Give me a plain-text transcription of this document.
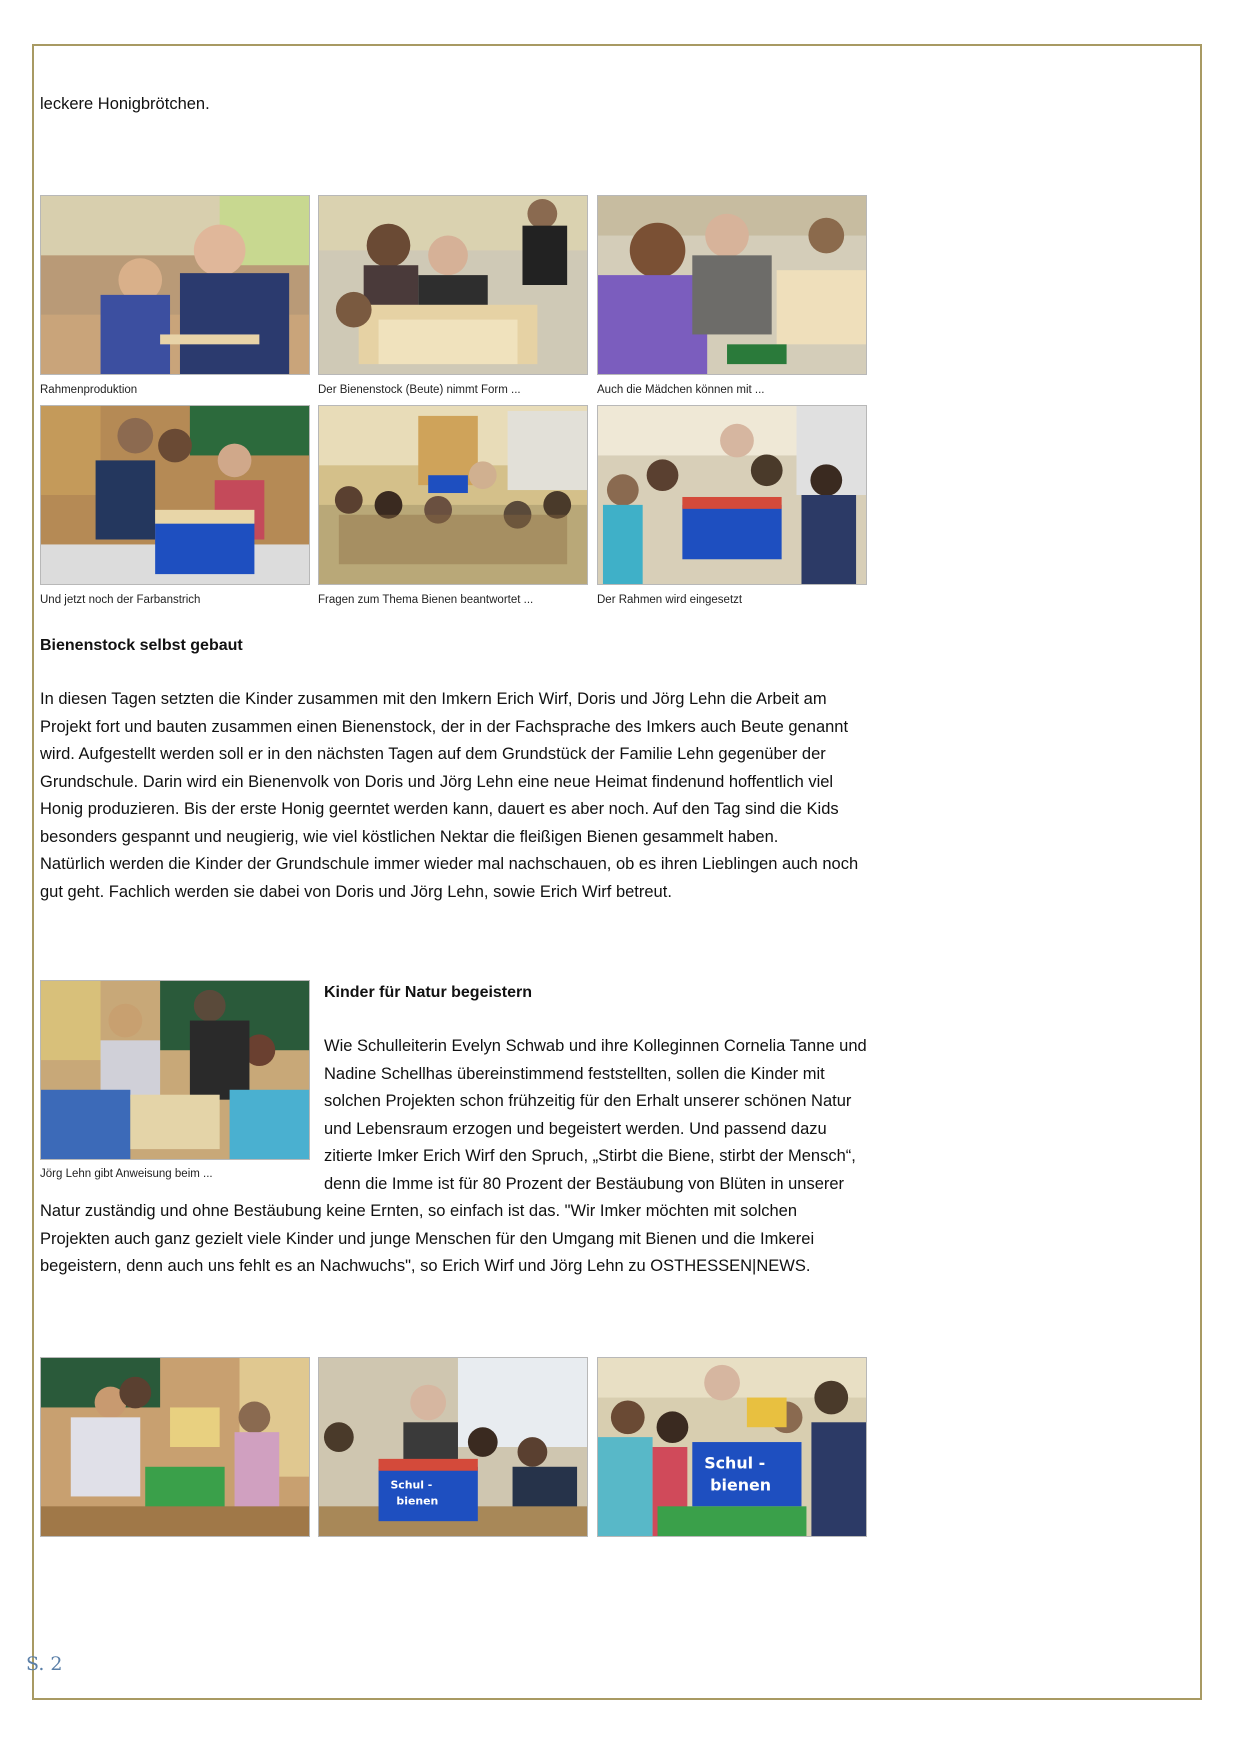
leckere Honigbrötchen.
Rahmenproduktion	Der Bienenstock (Beute) nimmt Form ...	Auch die Mädchen können mit ...
Und jetzt noch der Farbanstrich	Fragen zum Thema Bienen beantwortet ...	Der Rahmen wird eingesetzt
Bienenstock selbst gebaut
In diesen Tagen setzten die Kinder zusammen mit den Imkern Erich Wirf, Doris und Jörg Lehn die Arbeit am
Projekt fort und bauten zusammen einen Bienenstock, der in der Fachsprache des Imkers auch Beute genannt
wird. Aufgestellt werden soll er in den nächsten Tagen auf dem Grundstück der Familie Lehn gegenüber der
Grundschule. Darin wird ein Bienenvolk von Doris und Jörg Lehn eine neue Heimat findenund hoffentlich viel
Honig produzieren. Bis der erste Honig geerntet werden kann, dauert es aber noch. Auf den Tag sind die Kids
besonders gespannt und neugierig, wie viel köstlichen Nektar die fleißigen Bienen gesammelt haben.
Natürlich werden die Kinder der Grundschule immer wieder mal nachschauen, ob es ihren Lieblingen auch noch
gut geht. Fachlich werden sie dabei von Doris und Jörg Lehn, sowie Erich Wirf betreut.
Jörg Lehn gibt Anweisung beim ...
Kinder für Natur begeistern
Wie Schulleiterin Evelyn Schwab und ihre Kolleginnen Cornelia Tanne und
Nadine Schellhas übereinstimmend feststellten, sollen die Kinder mit
solchen Projekten schon frühzeitig für den Erhalt unserer schönen Natur
und Lebensraum erzogen und begeistert werden. Und passend dazu
zitierte Imker Erich Wirf den Spruch, „Stirbt die Biene, stirbt der Mensch“,
denn die Imme ist für 80 Prozent der Bestäubung von Blüten in unserer
Natur zuständig und ohne Bestäubung keine Ernten, so einfach ist das. "Wir Imker möchten mit solchen
Projekten auch ganz gezielt viele Kinder und junge Menschen für den Umgang mit Bienen und die Imkerei
begeistern, denn auch uns fehlt es an Nachwuchs", so Erich Wirf und Jörg Lehn zu OSTHESSEN|NEWS.
Schul -
bienen
Schul -
bienen
S. 2
